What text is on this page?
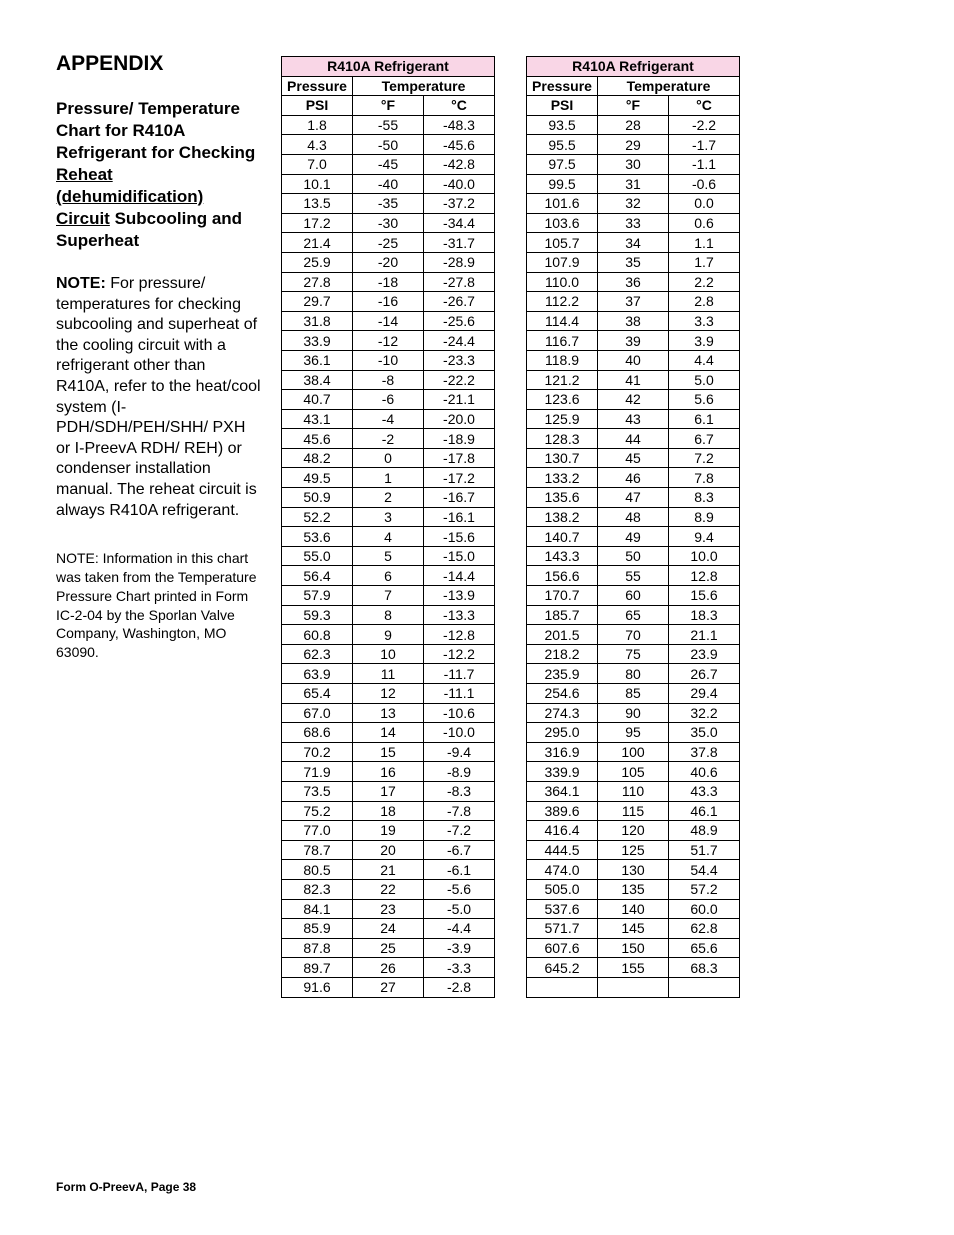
APPENDIX
Pressure/ Temperature Chart for R410A Refrigerant for Checking Reheat (dehumidification) Circuit Subcooling and Superheat
NOTE: For pressure/ temperatures for checking subcooling and superheat of the cooling circuit with a refrigerant other than R410A, refer to the heat/cool system (I-PDH/SDH/PEH/SHH/ PXH or I-PreevA RDH/ REH) or condenser installation manual. The reheat circuit is always R410A refrigerant.
NOTE: Information in this chart was taken from the Temperature Pressure Chart printed in Form IC-2-04 by the Sporlan Valve Company, Washington, MO 63090.
R410A Refrigerant		
Pressure	Temperature	
PSI	°F	°C
1.8	-55	-48.3
4.3	-50	-45.6
7.0	-45	-42.8
10.1	-40	-40.0
13.5	-35	-37.2
17.2	-30	-34.4
21.4	-25	-31.7
25.9	-20	-28.9
27.8	-18	-27.8
29.7	-16	-26.7
31.8	-14	-25.6
33.9	-12	-24.4
36.1	-10	-23.3
38.4	-8	-22.2
40.7	-6	-21.1
43.1	-4	-20.0
45.6	-2	-18.9
48.2	0	-17.8
49.5	1	-17.2
50.9	2	-16.7
52.2	3	-16.1
53.6	4	-15.6
55.0	5	-15.0
56.4	6	-14.4
57.9	7	-13.9
59.3	8	-13.3
60.8	9	-12.8
62.3	10	-12.2
63.9	11	-11.7
65.4	12	-11.1
67.0	13	-10.6
68.6	14	-10.0
70.2	15	-9.4
71.9	16	-8.9
73.5	17	-8.3
75.2	18	-7.8
77.0	19	-7.2
78.7	20	-6.7
80.5	21	-6.1
82.3	22	-5.6
84.1	23	-5.0
85.9	24	-4.4
87.8	25	-3.9
89.7	26	-3.3
91.6	27	-2.8
R410A Refrigerant		
Pressure	Temperature	
PSI	°F	°C
93.5	28	-2.2
95.5	29	-1.7
97.5	30	-1.1
99.5	31	-0.6
101.6	32	0.0
103.6	33	0.6
105.7	34	1.1
107.9	35	1.7
110.0	36	2.2
112.2	37	2.8
114.4	38	3.3
116.7	39	3.9
118.9	40	4.4
121.2	41	5.0
123.6	42	5.6
125.9	43	6.1
128.3	44	6.7
130.7	45	7.2
133.2	46	7.8
135.6	47	8.3
138.2	48	8.9
140.7	49	9.4
143.3	50	10.0
156.6	55	12.8
170.7	60	15.6
185.7	65	18.3
201.5	70	21.1
218.2	75	23.9
235.9	80	26.7
254.6	85	29.4
274.3	90	32.2
295.0	95	35.0
316.9	100	37.8
339.9	105	40.6
364.1	110	43.3
389.6	115	46.1
416.4	120	48.9
444.5	125	51.7
474.0	130	54.4
505.0	135	57.2
537.6	140	60.0
571.7	145	62.8
607.6	150	65.6
645.2	155	68.3

Form O-PreevA, Page 38
